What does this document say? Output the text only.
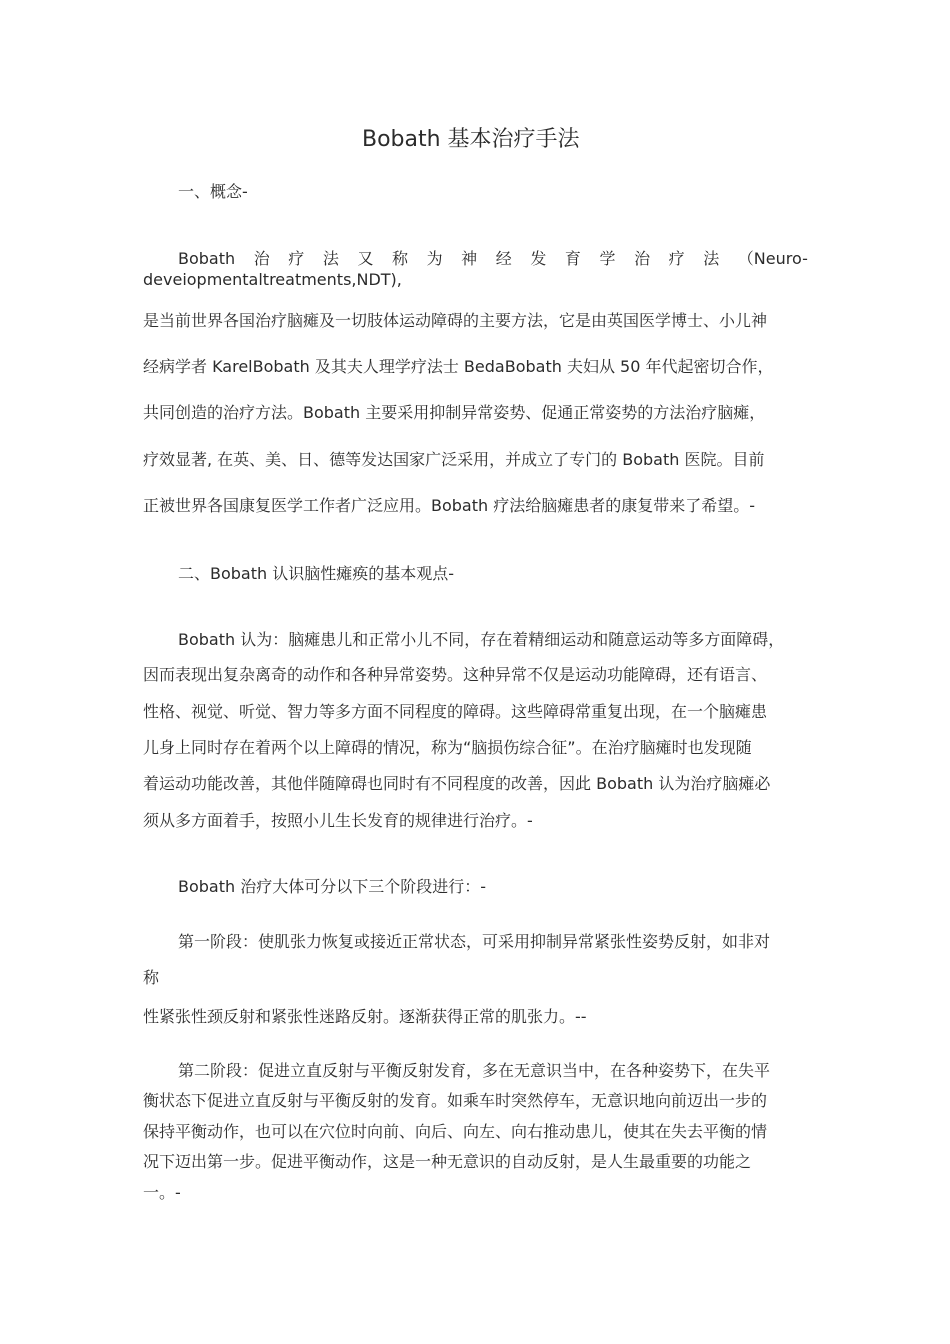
Bobath 基本治疗手法
一、概念-
Bobath 治 疗 法 又 称 为 神 经 发 育 学 治 疗 法 （Neuro-
deveiopmentaltreatments,NDT),
是当前世界各国治疗脑瘫及一切肢体运动障碍的主要方法，它是由英国医学博士、小儿神
经病学者 KarelBobath 及其夫人理学疗法士 BedaBobath 夫妇从 50 年代起密切合作，
共同创造的治疗方法。Bobath 主要采用抑制异常姿势、促通正常姿势的方法治疗脑瘫，
疗效显著, 在英、美、日、德等发达国家广泛采用，并成立了专门的 Bobath 医院。目前
正被世界各国康复医学工作者广泛应用。Bobath 疗法给脑瘫患者的康复带来了希望。-
二、Bobath 认识脑性瘫痪的基本观点-
Bobath 认为：脑瘫患儿和正常小儿不同，存在着精细运动和随意运动等多方面障碍，
因而表现出复杂离奇的动作和各种异常姿势。这种异常不仅是运动功能障碍，还有语言、
性格、视觉、听觉、智力等多方面不同程度的障碍。这些障碍常重复出现，在一个脑瘫患
儿身上同时存在着两个以上障碍的情况，称为“脑损伤综合征”。在治疗脑瘫时也发现随
着运动功能改善，其他伴随障碍也同时有不同程度的改善，因此 Bobath 认为治疗脑瘫必
须从多方面着手，按照小儿生长发育的规律进行治疗。-
Bobath 治疗大体可分以下三个阶段进行：-
第一阶段：使肌张力恢复或接近正常状态，可采用抑制异常紧张性姿势反射，如非对
称
性紧张性颈反射和紧张性迷路反射。逐渐获得正常的肌张力。--
第二阶段：促进立直反射与平衡反射发育，多在无意识当中，在各种姿势下，在失平
衡状态下促进立直反射与平衡反射的发育。如乘车时突然停车，无意识地向前迈出一步的
保持平衡动作，也可以在穴位时向前、向后、向左、向右推动患儿，使其在失去平衡的情
况下迈出第一步。促进平衡动作，这是一种无意识的自动反射，是人生最重要的功能之
一。-
